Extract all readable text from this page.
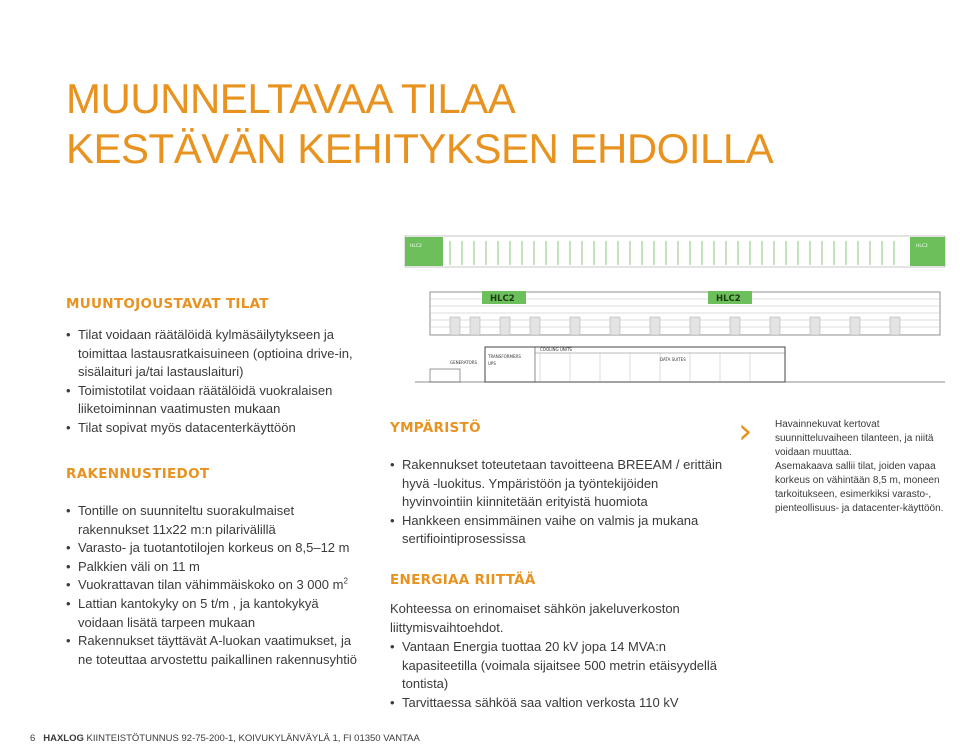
MUUNNELTAVAA TILAA
KESTÄVÄN KEHITYKSEN EHDOILLA
HLC2	HLC2
HLC2	HLC2
GENERATORS
TRANSFORMERS
UPS
COOLING UNITS
DATA SUITES
MUUNTOJOUSTAVAT TILAT
• Tilat voidaan räätälöidä kylmäsäilytykseen ja toimittaa lastausratkaisuineen (optioina drive-in, sisälaituri ja/tai lastauslaituri)
• Toimistotilat voidaan räätälöidä vuokralaisen liiketoiminnan vaatimusten mukaan
• Tilat sopivat myös datacenterkäyttöön
RAKENNUSTIEDOT
• Tontille on suunniteltu suorakulmaiset rakennukset 11x22 m:n pilarivälillä
• Varasto- ja tuotantotilojen korkeus on 8,5–12 m
• Palkkien väli on 11 m
• Vuokrattavan tilan vähimmäiskoko on 3 000 $m^2$
• Lattian kantokyky on 5 t/m , ja kantokykyä voidaan lisätä tarpeen mukaan
• Rakennukset täyttävät A-luokan vaatimukset, ja ne toteuttaa arvostettu paikallinen rakennusyhtiö
YMPÄRISTÖ
• Rakennukset toteutetaan tavoitteena BREEAM / erittäin hyvä -luokitus. Ympäristöön ja työntekijöiden hyvinvointiin kiinnitetään erityistä huomiota
• Hankkeen ensimmäinen vaihe on valmis ja mukana sertifiointiprosessissa
ENERGIAA RIITTÄÄ
Kohteessa on erinomaiset sähkön jakeluverkoston liittymisvaihtoehdot.
• Vantaan Energia tuottaa 20 kV jopa 14 MVA:n kapasiteetilla (voimala sijaitsee 500 metrin etäisyydellä tontista)
• Tarvittaessa sähköä saa valtion verkosta 110 kV
› Havainnekuvat kertovat suunnitteluvaiheen tilanteen, ja niitä voidaan muuttaa.
Asemakaava sallii tilat, joiden vapaa korkeus on vähintään 8,5 m, moneen tarkoitukseen, esimerkiksi varasto-, pienteollisuus- ja datacenter-käyttöön.
6 HAXLOG KIINTEISTÖTUNNUS 92-75-200-1, KOIVUKYLÄNVÄYLÄ 1, FI 01350 VANTAA
